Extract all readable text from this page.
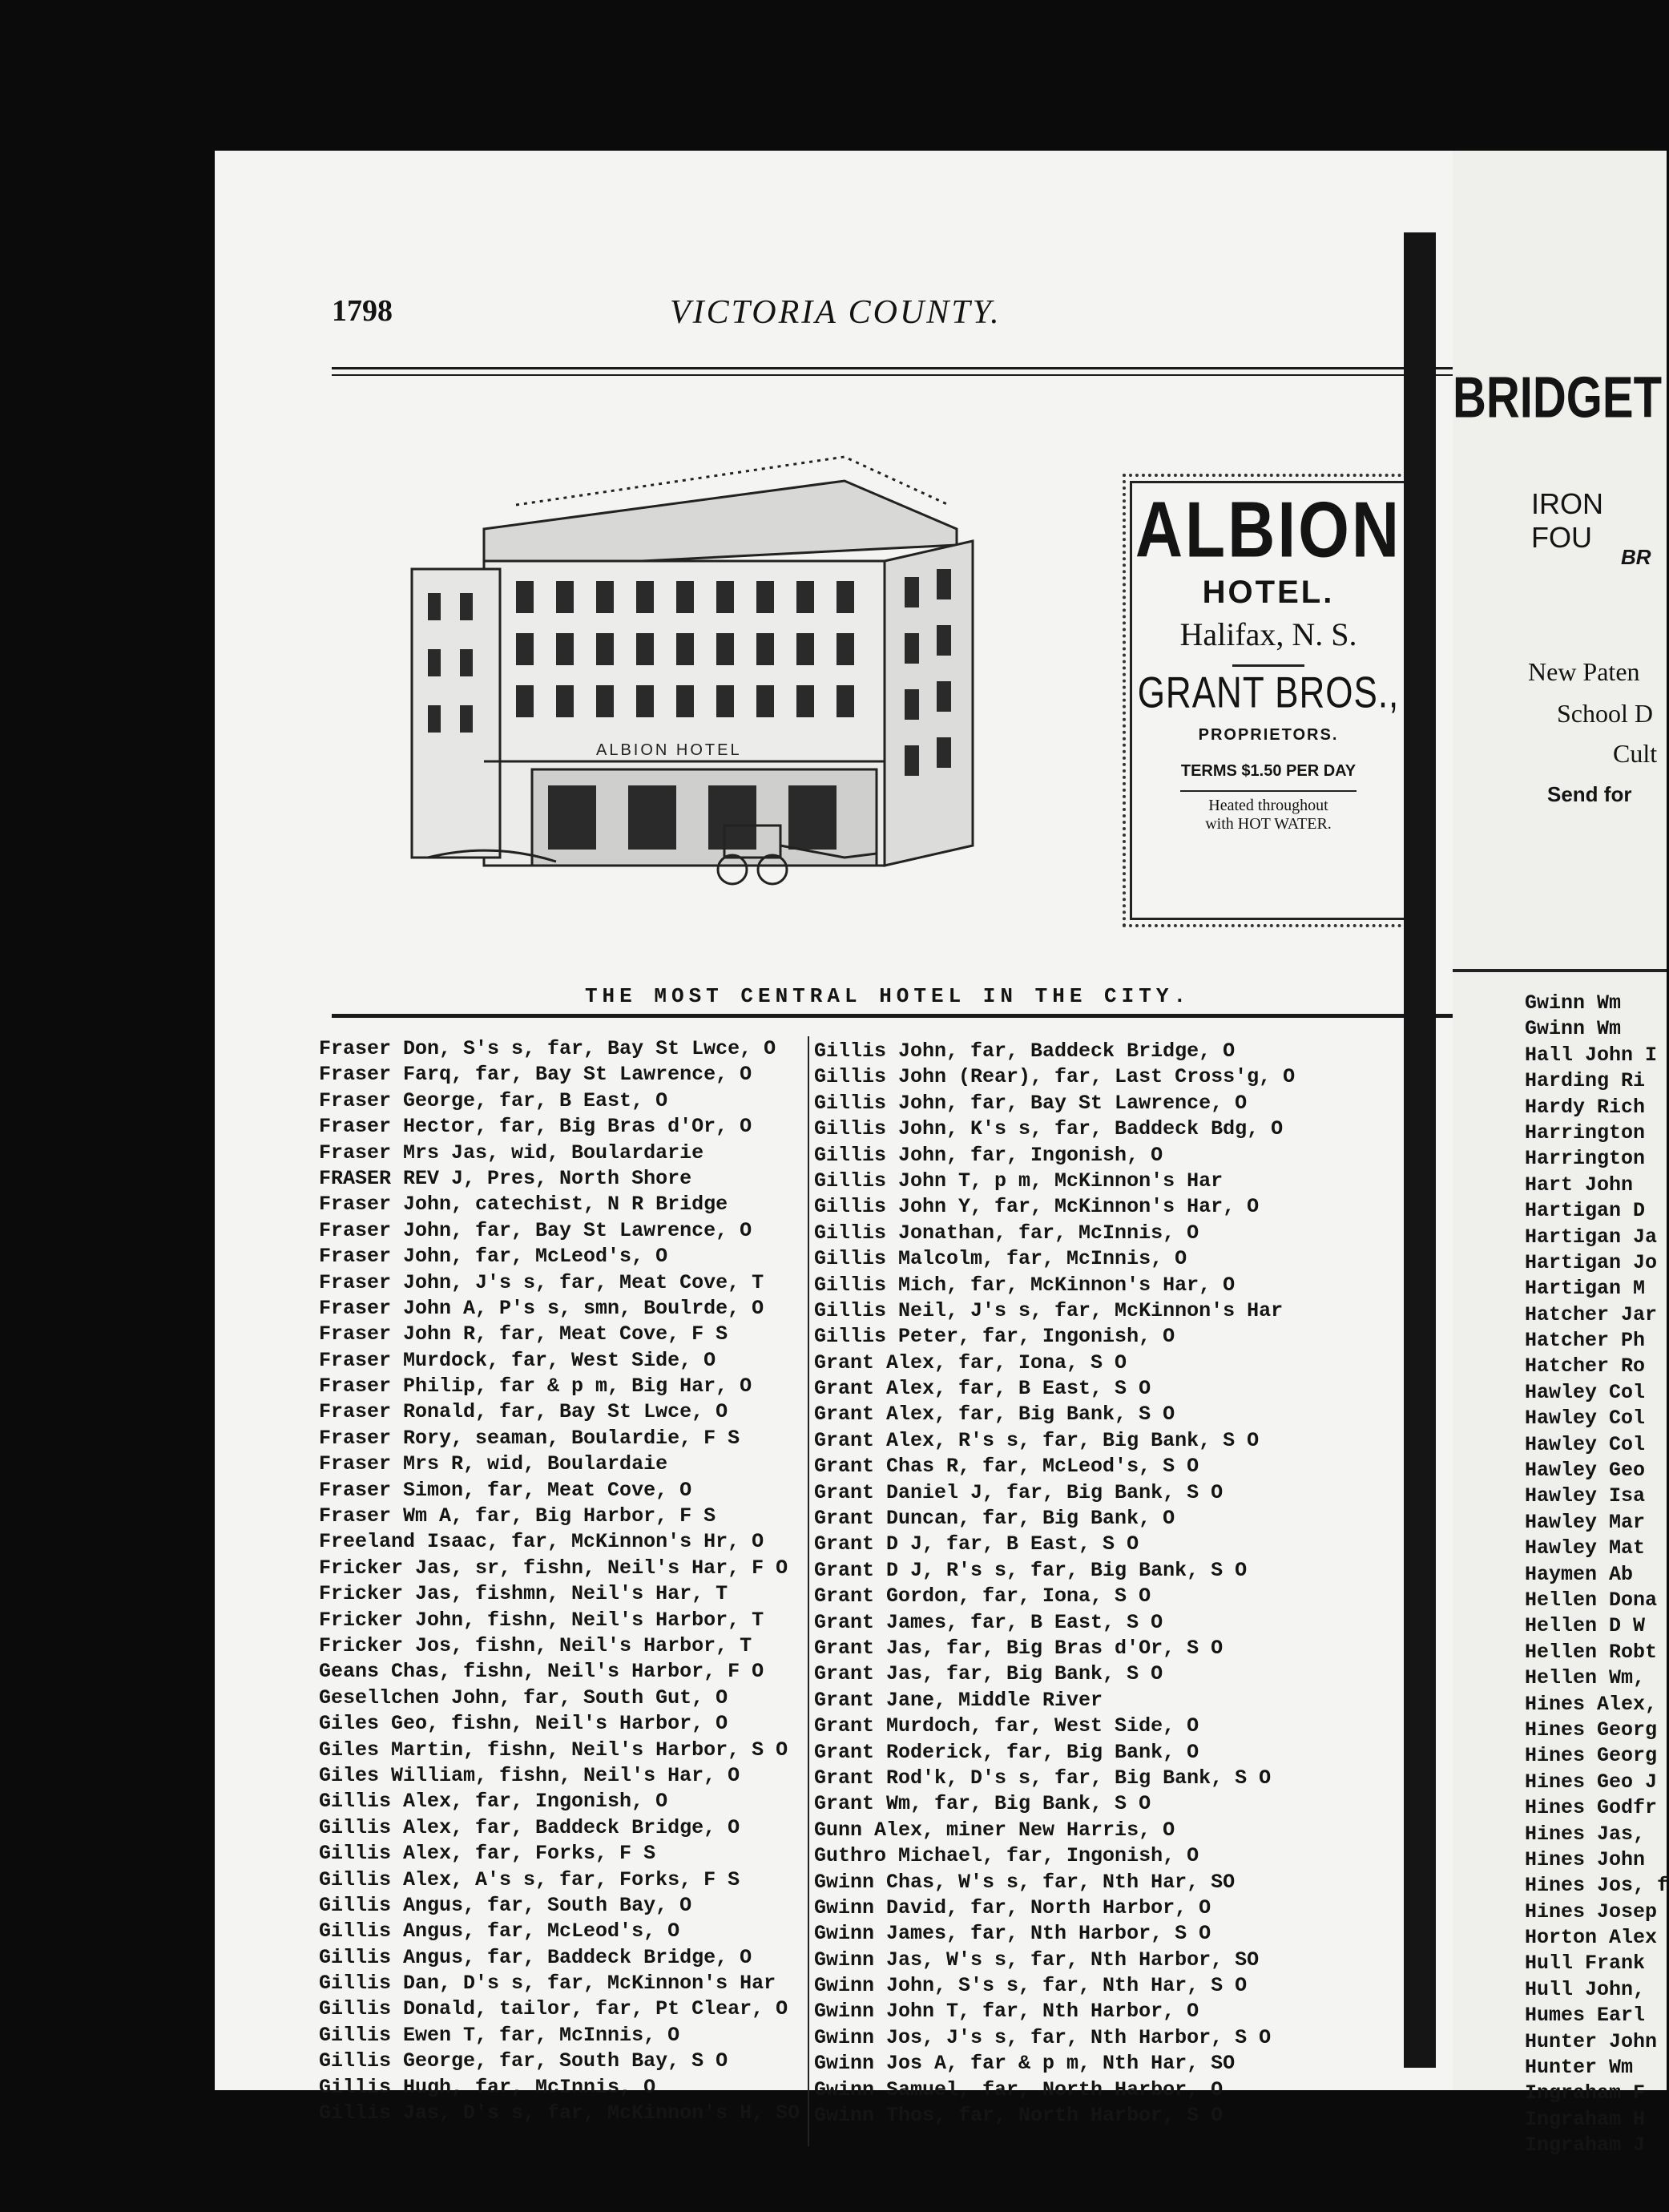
1798	VICTORIA COUNTY.
ALBION HOTEL
ALBION
HOTEL.
Halifax, N. S.
GRANT BROS.,
PROPRIETORS.
TERMS $1.50 PER DAY
Heated throughout
with HOT WATER.
THE MOST CENTRAL HOTEL IN THE CITY.
Fraser Don, S's s, far, Bay St Lwce, O
Fraser Farq, far, Bay St Lawrence, O
Fraser George, far, B East, O
Fraser Hector, far, Big Bras d'Or, O
Fraser Mrs Jas, wid, Boulardarie
FRASER REV J, Pres, North Shore
Fraser John, catechist, N R Bridge
Fraser John, far, Bay St Lawrence, O
Fraser John, far, McLeod's, O
Fraser John, J's s, far, Meat Cove, T
Fraser John A, P's s, smn, Boulrde, O
Fraser John R, far, Meat Cove, F S
Fraser Murdock, far, West Side, O
Fraser Philip, far & p m, Big Har, O
Fraser Ronald, far, Bay St Lwce, O
Fraser Rory, seaman, Boulardie, F S
Fraser Mrs R, wid, Boulardaie
Fraser Simon, far, Meat Cove, O
Fraser Wm A, far, Big Harbor, F S
Freeland Isaac, far, McKinnon's Hr, O
Fricker Jas, sr, fishn, Neil's Har, F O
Fricker Jas, fishmn, Neil's Har, T
Fricker John, fishn, Neil's Harbor, T
Fricker Jos, fishn, Neil's Harbor, T
Geans Chas, fishn, Neil's Harbor, F O
Gesellchen John, far, South Gut, O
Giles Geo, fishn, Neil's Harbor, O
Giles Martin, fishn, Neil's Harbor, S O
Giles William, fishn, Neil's Har, O
Gillis Alex, far, Ingonish, O
Gillis Alex, far, Baddeck Bridge, O
Gillis Alex, far, Forks, F S
Gillis Alex, A's s, far, Forks, F S
Gillis Angus, far, South Bay, O
Gillis Angus, far, McLeod's, O
Gillis Angus, far, Baddeck Bridge, O
Gillis Dan, D's s, far, McKinnon's Har
Gillis Donald, tailor, far, Pt Clear, O
Gillis Ewen T, far, McInnis, O
Gillis George, far, South Bay, S O
Gillis Hugh, far, McInnis, O
Gillis Jas, D's s, far, McKinnon's H, SO
Gillis John, far, Baddeck Bridge, O
Gillis John (Rear), far, Last Cross'g, O
Gillis John, far, Bay St Lawrence, O
Gillis John, K's s, far, Baddeck Bdg, O
Gillis John, far, Ingonish, O
Gillis John T, p m, McKinnon's Har
Gillis John Y, far, McKinnon's Har, O
Gillis Jonathan, far, McInnis, O
Gillis Malcolm, far, McInnis, O
Gillis Mich, far, McKinnon's Har, O
Gillis Neil, J's s, far, McKinnon's Har
Gillis Peter, far, Ingonish, O
Grant Alex, far, Iona, S O
Grant Alex, far, B East, S O
Grant Alex, far, Big Bank, S O
Grant Alex, R's s, far, Big Bank, S O
Grant Chas R, far, McLeod's, S O
Grant Daniel J, far, Big Bank, S O
Grant Duncan, far, Big Bank, O
Grant D J, far, B East, S O
Grant D J, R's s, far, Big Bank, S O
Grant Gordon, far, Iona, S O
Grant James, far, B East, S O
Grant Jas, far, Big Bras d'Or, S O
Grant Jas, far, Big Bank, S O
Grant Jane, Middle River
Grant Murdoch, far, West Side, O
Grant Roderick, far, Big Bank, O
Grant Rod'k, D's s, far, Big Bank, S O
Grant Wm, far, Big Bank, S O
Gunn Alex, miner New Harris, O
Guthro Michael, far, Ingonish, O
Gwinn Chas, W's s, far, Nth Har, SO
Gwinn David, far, North Harbor, O
Gwinn James, far, Nth Harbor, S O
Gwinn Jas, W's s, far, Nth Harbor, SO
Gwinn John, S's s, far, Nth Har, S O
Gwinn John T, far, Nth Harbor, O
Gwinn Jos, J's s, far, Nth Harbor, S O
Gwinn Jos A, far & p m, Nth Har, SO
Gwinn Samuel, far, North Harbor, O
Gwinn Thos, far, North Harbor, S O
BRIDGET
IRON FOU
BR
New Paten
School D
Cult
Send for
Gwinn Wm
Gwinn Wm
Hall John I
Harding Ri
Hardy Rich
Harrington
Harrington
Hart John
Hartigan D
Hartigan Ja
Hartigan Jo
Hartigan M
Hatcher Jar
Hatcher Ph
Hatcher Ro
Hawley Col
Hawley Col
Hawley Col
Hawley Geo
Hawley Isa
Hawley Mar
Hawley Mat
Haymen Ab
Hellen Dona
Hellen D W
Hellen Robt
Hellen Wm,
Hines Alex,
Hines Georg
Hines Georg
Hines Geo J
Hines Godfr
Hines Jas,
Hines John
Hines Jos, f
Hines Josep
Horton Alex
Hull Frank
Hull John,
Humes Earl
Hunter John
Hunter Wm
Ingraham F
Ingraham H
Ingraham J
